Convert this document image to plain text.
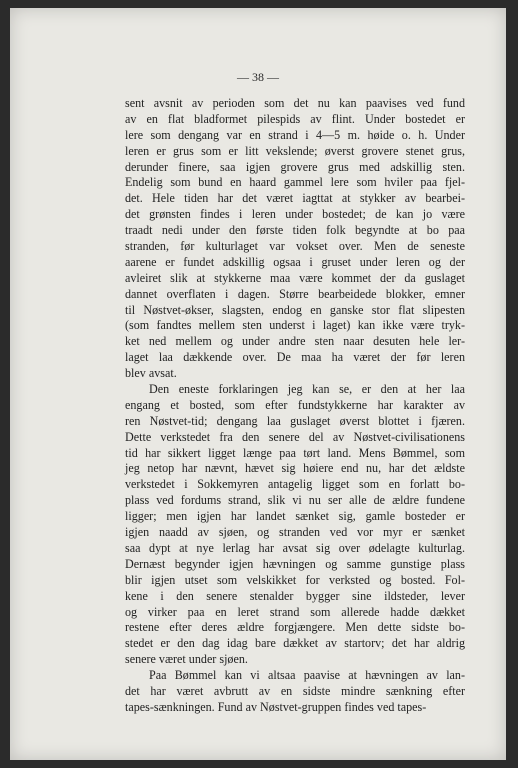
— 38 —
sent avsnit av perioden som det nu kan paavises ved fund
av en flat bladformet pilespids av flint. Under bostedet er
lere som dengang var en strand i 4—5 m. høide o. h. Under
leren er grus som er litt vekslende; øverst grovere stenet grus,
derunder finere, saa igjen grovere grus med adskillig sten.
Endelig som bund en haard gammel lere som hviler paa fjel-
det. Hele tiden har det været iagttat at stykker av bearbei-
det grønsten findes i leren under bostedet; de kan jo være
traadt nedi under den første tiden folk begyndte at bo paa
stranden, før kulturlaget var vokset over. Men de seneste
aarene er fundet adskillig ogsaa i gruset under leren og der
avleiret slik at stykkerne maa være kommet der da guslaget
dannet overflaten i dagen. Større bearbeidede blokker, emner
til Nøstvet-økser, slagsten, endog en ganske stor flat slipesten
(som fandtes mellem sten underst i laget) kan ikke være tryk-
ket ned mellem og under andre sten naar desuten hele ler-
laget laa dækkende over. De maa ha været der før leren
blev avsat.
Den eneste forklaringen jeg kan se, er den at her laa
engang et bosted, som efter fundstykkerne har karakter av
ren Nøstvet-tid; dengang laa guslaget øverst blottet i fjæren.
Dette verkstedet fra den senere del av Nøstvet-civilisationens
tid har sikkert ligget længe paa tørt land. Mens Bømmel, som
jeg netop har nævnt, hævet sig høiere end nu, har det ældste
verkstedet i Sokkemyren antagelig ligget som en forlatt bo-
plass ved fordums strand, slik vi nu ser alle de ældre fundene
ligger; men igjen har landet sænket sig, gamle bosteder er
igjen naadd av sjøen, og stranden ved vor myr er sænket
saa dypt at nye lerlag har avsat sig over ødelagte kulturlag.
Dernæst begynder igjen hævningen og samme gunstige plass
blir igjen utset som velskikket for verksted og bosted. Fol-
kene i den senere stenalder bygger sine ildsteder, lever
og virker paa en leret strand som allerede hadde dækket
restene efter deres ældre forgjængere. Men dette sidste bo-
stedet er den dag idag bare dækket av startorv; det har aldrig
senere været under sjøen.
Paa Bømmel kan vi altsaa paavise at hævningen av lan-
det har været avbrutt av en sidste mindre sænkning efter
tapes-sænkningen. Fund av Nøstvet-gruppen findes ved tapes-
